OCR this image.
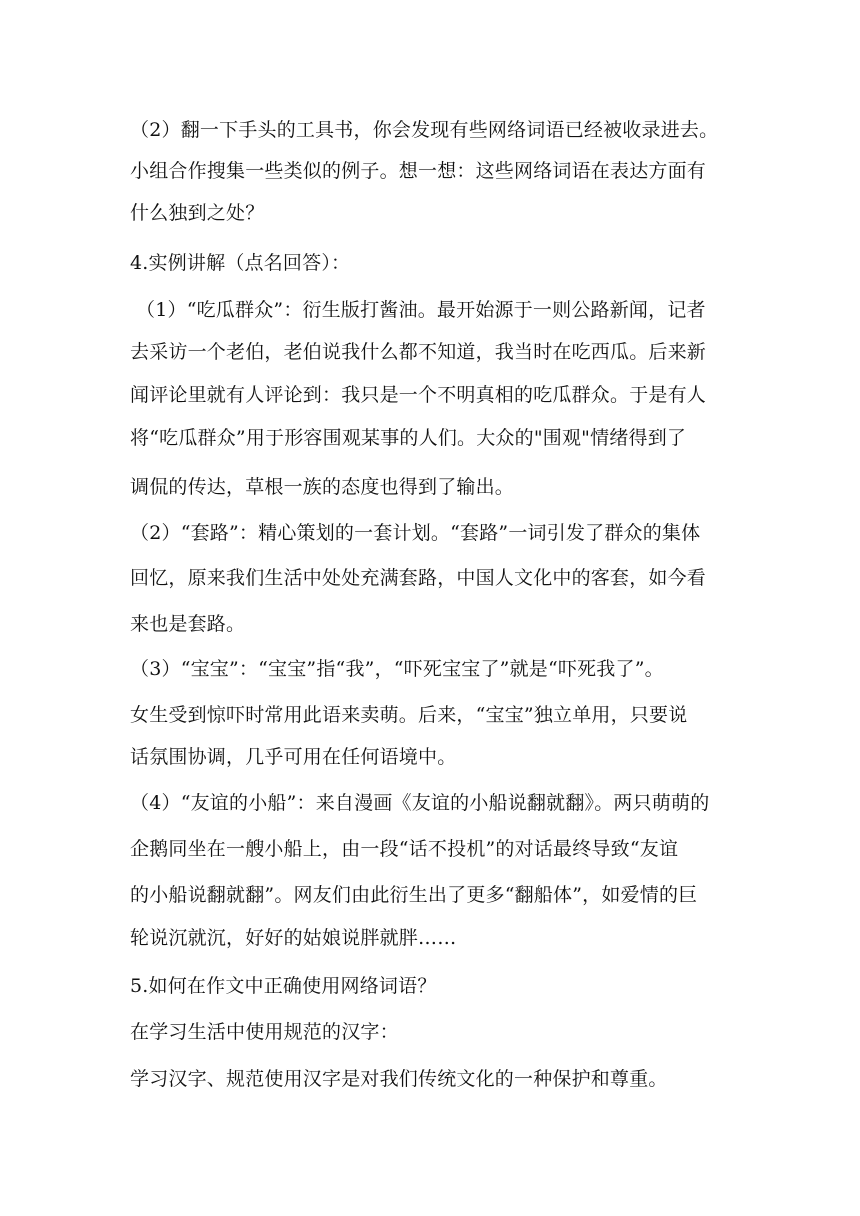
（2）翻一下手头的工具书，你会发现有些网络词语已经被收录进去。
小组合作搜集一些类似的例子。想一想：这些网络词语在表达方面有
什么独到之处？
4.实例讲解（点名回答）：
（1）“吃瓜群众”：衍生版打酱油。最开始源于一则公路新闻，记者
去采访一个老伯，老伯说我什么都不知道，我当时在吃西瓜。后来新
闻评论里就有人评论到：我只是一个不明真相的吃瓜群众。于是有人
将“吃瓜群众”用于形容围观某事的人们。大众的"围观"情绪得到了
调侃的传达，草根一族的态度也得到了输出。
（2）“套路”：精心策划的一套计划。“套路”一词引发了群众的集体
回忆，原来我们生活中处处充满套路，中国人文化中的客套，如今看
来也是套路。
（3）“宝宝”：“宝宝”指“我”，“吓死宝宝了”就是“吓死我了”。
女生受到惊吓时常用此语来卖萌。后来，“宝宝”独立单用，只要说
话氛围协调，几乎可用在任何语境中。
（4）“友谊的小船”：来自漫画《友谊的小船说翻就翻》。两只萌萌的
企鹅同坐在一艘小船上，由一段“话不投机”的对话最终导致“友谊
的小船说翻就翻”。网友们由此衍生出了更多“翻船体”，如爱情的巨
轮说沉就沉，好好的姑娘说胖就胖……
5.如何在作文中正确使用网络词语？
在学习生活中使用规范的汉字：
学习汉字、规范使用汉字是对我们传统文化的一种保护和尊重。
